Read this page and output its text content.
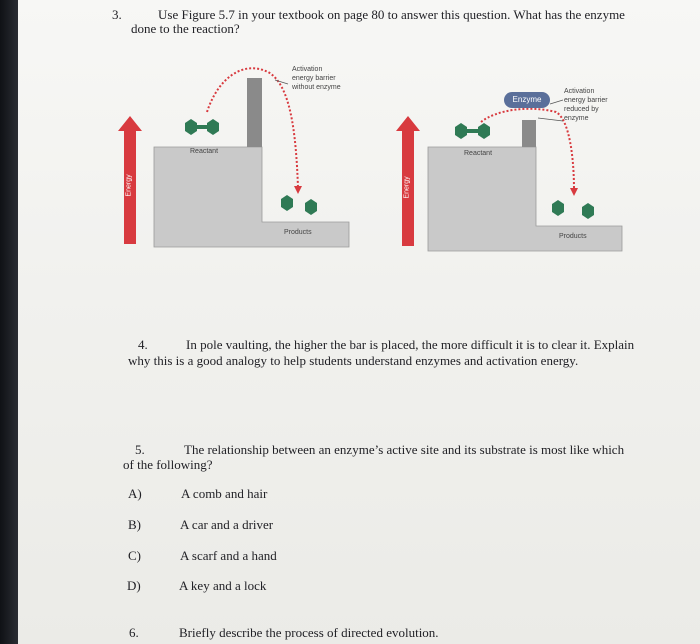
3.	Use Figure 5.7 in your textbook on page 80 to answer this question. What has the enzyme
done to the reaction?
Activation
energy barrier
without enzyme
Reactant
Products
Energy
Enzyme
Activation
energy barrier
reduced by
enzyme
Reactant
Products
Energy
4.	In pole vaulting, the higher the bar is placed, the more difficult it is to clear it. Explain
why this is a good analogy to help students understand enzymes and activation energy.
5.	The relationship between an enzyme’s active site and its substrate is most like which
of the following?
A)	A comb and hair
B)	A car and a driver
C)	A scarf and a hand
D)	A key and a lock
6.	Briefly describe the process of directed evolution.
